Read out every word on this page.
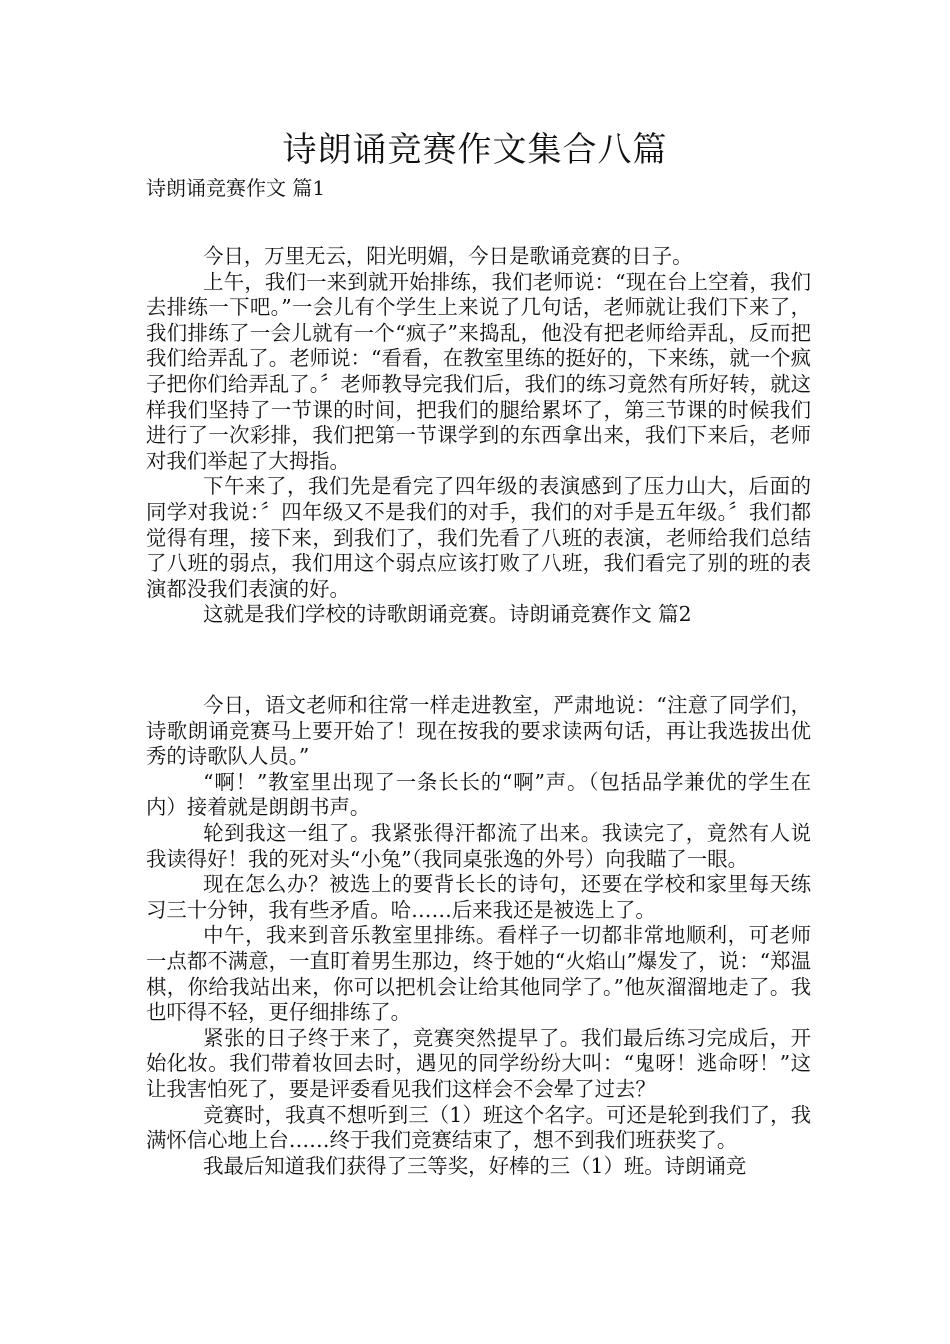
诗朗诵竞赛作文集合八篇
诗朗诵竞赛作文 篇1

今日，万里无云，阳光明媚，今日是歌诵竞赛的日子。

上午，我们一来到就开始排练，我们老师说：“现在台上空着，我们去排练一下吧。”一会儿有个学生上来说了几句话，老师就让我们下来了，我们排练了一会儿就有一个“疯子”来捣乱，他没有把老师给弄乱，反而把我们给弄乱了。老师说：“看看，在教室里练的挺好的，下来练，就一个疯子把你们给弄乱了。〞老师教导完我们后，我们的练习竟然有所好转，就这样我们坚持了一节课的时间，把我们的腿给累坏了，第三节课的时候我们进行了一次彩排，我们把第一节课学到的东西拿出来，我们下来后，老师对我们举起了大拇指。

下午来了，我们先是看完了四年级的表演感到了压力山大，后面的同学对我说：〞四年级又不是我们的对手，我们的对手是五年级。〞我们都觉得有理，接下来，到我们了，我们先看了八班的表演，老师给我们总结了八班的弱点，我们用这个弱点应该打败了八班，我们看完了别的班的表演都没我们表演的好。

这就是我们学校的诗歌朗诵竞赛。诗朗诵竞赛作文 篇2

今日，语文老师和往常一样走进教室，严肃地说：“注意了同学们，诗歌朗诵竞赛马上要开始了！现在按我的要求读两句话，再让我选拔出优秀的诗歌队人员。”

“啊！”教室里出现了一条长长的“啊”声。（包括品学兼优的学生在内）接着就是朗朗书声。

轮到我这一组了。我紧张得汗都流了出来。我读完了，竟然有人说我读得好！我的死对头“小兔”（我同桌张逸的外号）向我瞄了一眼。

现在怎么办？被选上的要背长长的诗句，还要在学校和家里每天练习三十分钟，我有些矛盾。哈……后来我还是被选上了。

中午，我来到音乐教室里排练。看样子一切都非常地顺利，可老师一点都不满意，一直盯着男生那边，终于她的“火焰山”爆发了，说：“郑温棋，你给我站出来，你可以把机会让给其他同学了。”他灰溜溜地走了。我也吓得不轻，更仔细排练了。

紧张的日子终于来了，竞赛突然提早了。我们最后练习完成后，开始化妆。我们带着妆回去时，遇见的同学纷纷大叫：“鬼呀！逃命呀！”这让我害怕死了，要是评委看见我们这样会不会晕了过去？

竞赛时，我真不想听到三（1）班这个名字。可还是轮到我们了，我满怀信心地上台……终于我们竞赛结束了，想不到我们班获奖了。

我最后知道我们获得了三等奖，好棒的三（1）班。诗朗诵竞
